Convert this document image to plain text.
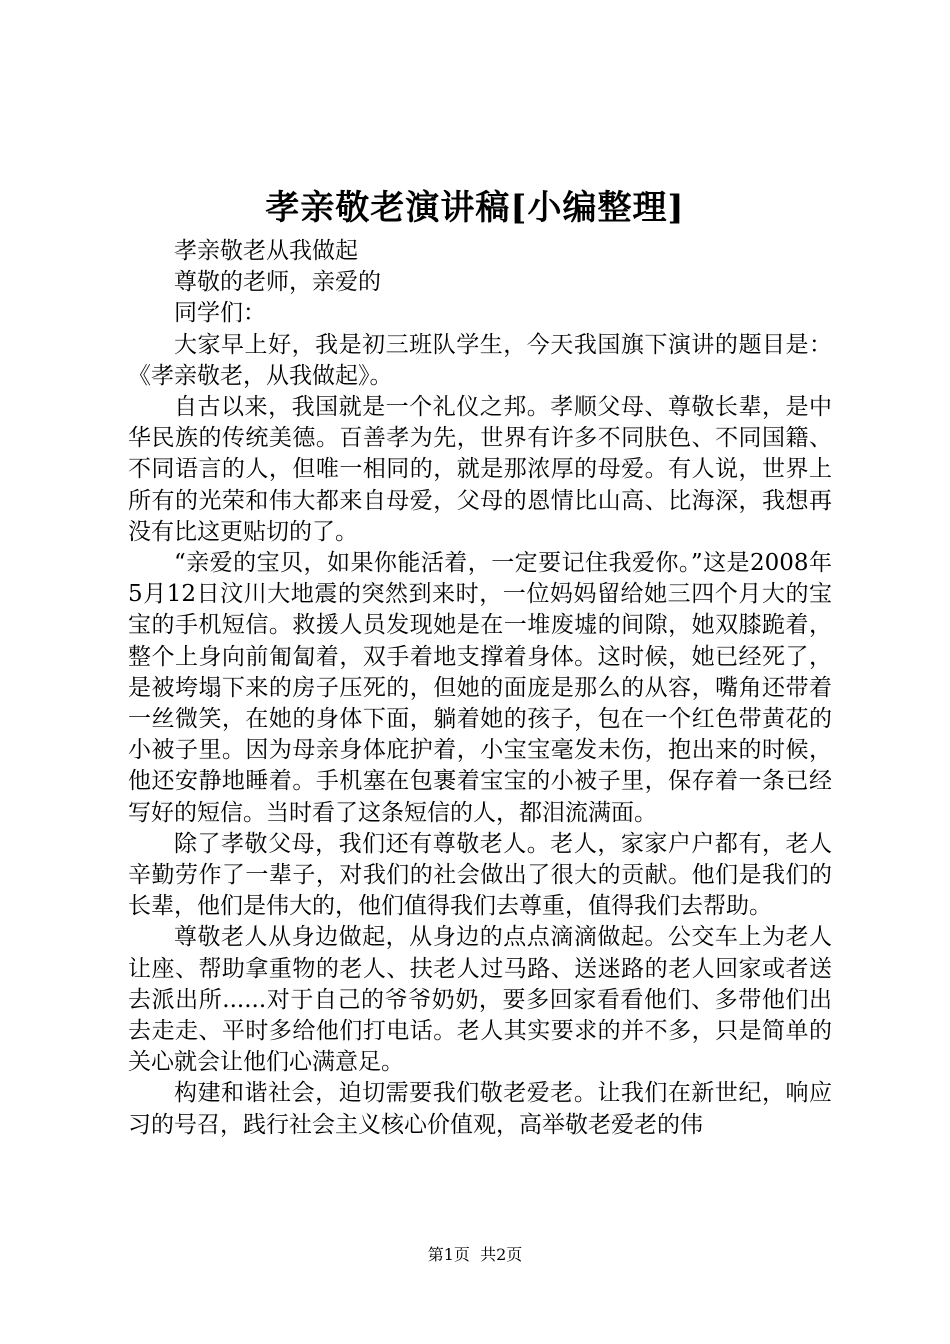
孝亲敬老演讲稿[小编整理]

孝亲敬老从我做起

尊敬的老师，亲爱的

同学们：

大家早上好，我是初三班队学生，今天我国旗下演讲的题目是：《孝亲敬老，从我做起》。

自古以来，我国就是一个礼仪之邦。孝顺父母、尊敬长辈，是中华民族的传统美德。百善孝为先，世界有许多不同肤色、不同国籍、不同语言的人，但唯一相同的，就是那浓厚的母爱。有人说，世界上所有的光荣和伟大都来自母爱，父母的恩情比山高、比海深，我想再没有比这更贴切的了。

“亲爱的宝贝，如果你能活着，一定要记住我爱你。”这是2008年5月12日汶川大地震的突然到来时，一位妈妈留给她三四个月大的宝宝的手机短信。救援人员发现她是在一堆废墟的间隙，她双膝跪着，整个上身向前匍匐着，双手着地支撑着身体。这时候，她已经死了，是被垮塌下来的房子压死的，但她的面庞是那么的从容，嘴角还带着一丝微笑，在她的身体下面，躺着她的孩子，包在一个红色带黄花的小被子里。因为母亲身体庇护着，小宝宝毫发未伤，抱出来的时候，他还安静地睡着。手机塞在包裹着宝宝的小被子里，保存着一条已经写好的短信。当时看了这条短信的人，都泪流满面。

除了孝敬父母，我们还有尊敬老人。老人，家家户户都有，老人辛勤劳作了一辈子，对我们的社会做出了很大的贡献。他们是我们的长辈，他们是伟大的，他们值得我们去尊重，值得我们去帮助。

尊敬老人从身边做起，从身边的点点滴滴做起。公交车上为老人让座、帮助拿重物的老人、扶老人过马路、送迷路的老人回家或者送去派出所......对于自己的爷爷奶奶，要多回家看看他们、多带他们出去走走、平时多给他们打电话。老人其实要求的并不多，只是简单的关心就会让他们心满意足。

构建和谐社会，迫切需要我们敬老爱老。让我们在新世纪，响应习的号召，践行社会主义核心价值观，高举敬老爱老的伟

第1页  共2页
